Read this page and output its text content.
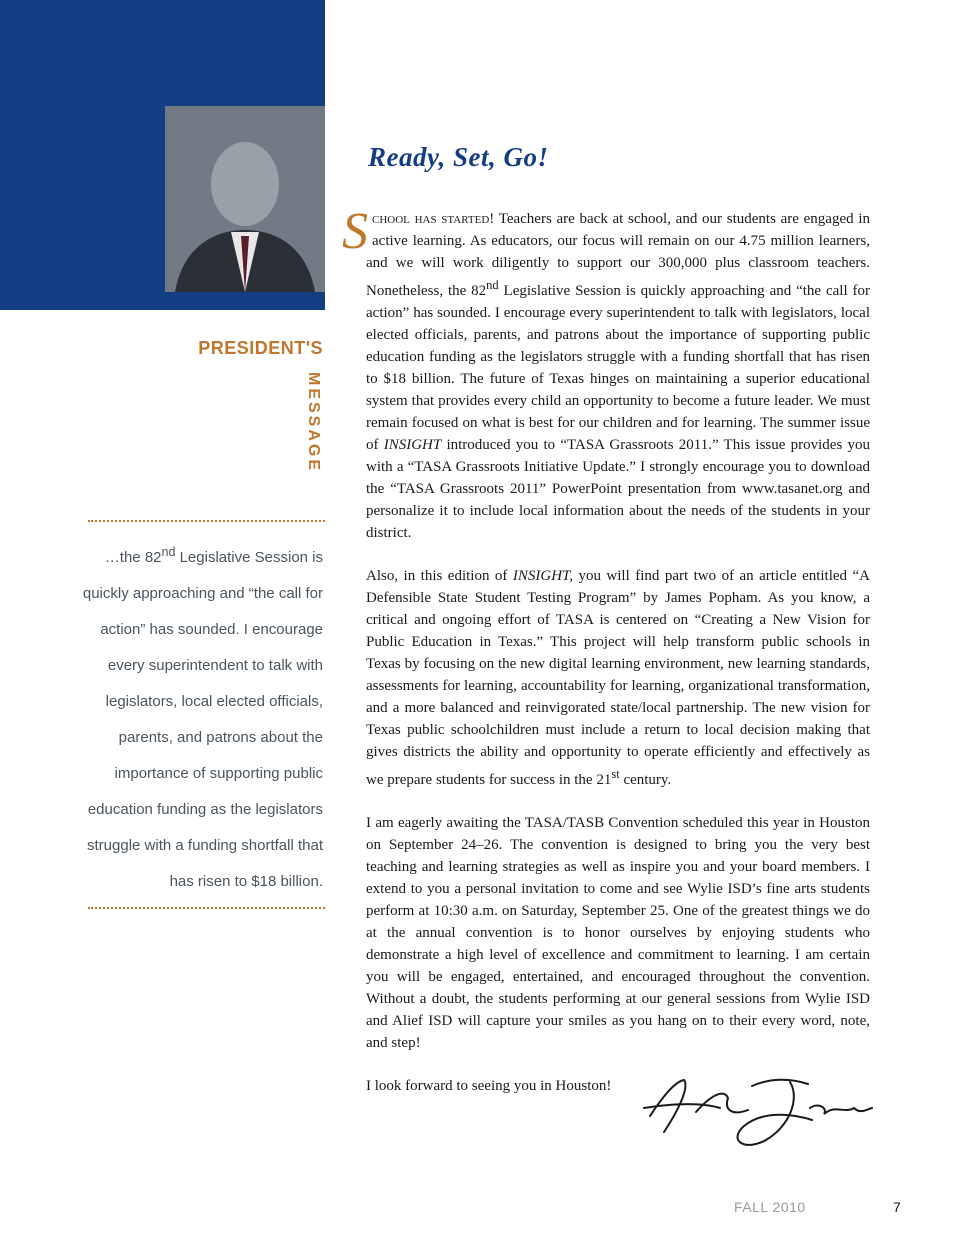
PRESIDENT'S
MESSAGE
…the 82nd Legislative Session is quickly approaching and “the call for action” has sounded. I encourage every superintendent to talk with legislators, local elected officials, parents, and patrons about the importance of supporting public education funding as the legislators struggle with a funding shortfall that has risen to $18 billion.
Ready, Set, Go!

School has started! Teachers are back at school, and our students are engaged in active learning. As educators, our focus will remain on our 4.75 million learners, and we will work diligently to support our 300,000 plus classroom teachers. Nonetheless, the 82nd Legislative Session is quickly approaching and “the call for action” has sounded. I encourage every superintendent to talk with legislators, local elected officials, parents, and patrons about the importance of supporting public education funding as the legislators struggle with a funding shortfall that has risen to $18 billion. The future of Texas hinges on maintaining a superior educational system that provides every child an opportunity to become a future leader. We must remain focused on what is best for our children and for learning. The summer issue of INSIGHT introduced you to “TASA Grassroots 2011.” This issue provides you with a “TASA Grassroots Initiative Update.” I strongly encourage you to download the “TASA Grassroots 2011” PowerPoint presentation from www.tasanet.org and personalize it to include local information about the needs of the students in your district.

Also, in this edition of INSIGHT, you will find part two of an article entitled “A Defensible State Student Testing Program” by James Popham. As you know, a critical and ongoing effort of TASA is centered on “Creating a New Vision for Public Education in Texas.” This project will help transform public schools in Texas by focusing on the new digital learning environment, new learning standards, assessments for learning, accountability for learning, organizational transformation, and a more balanced and reinvigorated state/local partnership. The new vision for Texas public schoolchildren must include a return to local decision making that gives districts the ability and opportunity to operate efficiently and effectively as we prepare students for success in the 21st century.

I am eagerly awaiting the TASA/TASB Convention scheduled this year in Houston on September 24–26. The convention is designed to bring you the very best teaching and learning strategies as well as inspire you and your board members. I extend to you a personal invitation to come and see Wylie ISD’s fine arts students perform at 10:30 a.m. on Saturday, September 25. One of the greatest things we do at the annual convention is to honor ourselves by enjoying students who demonstrate a high level of excellence and commitment to learning. I am certain you will be engaged, entertained, and encouraged throughout the convention. Without a doubt, the students performing at our general sessions from Wylie ISD and Alief ISD will capture your smiles as you hang on to their every word, note, and step!

I look forward to seeing you in Houston!

FALL 2010	7
